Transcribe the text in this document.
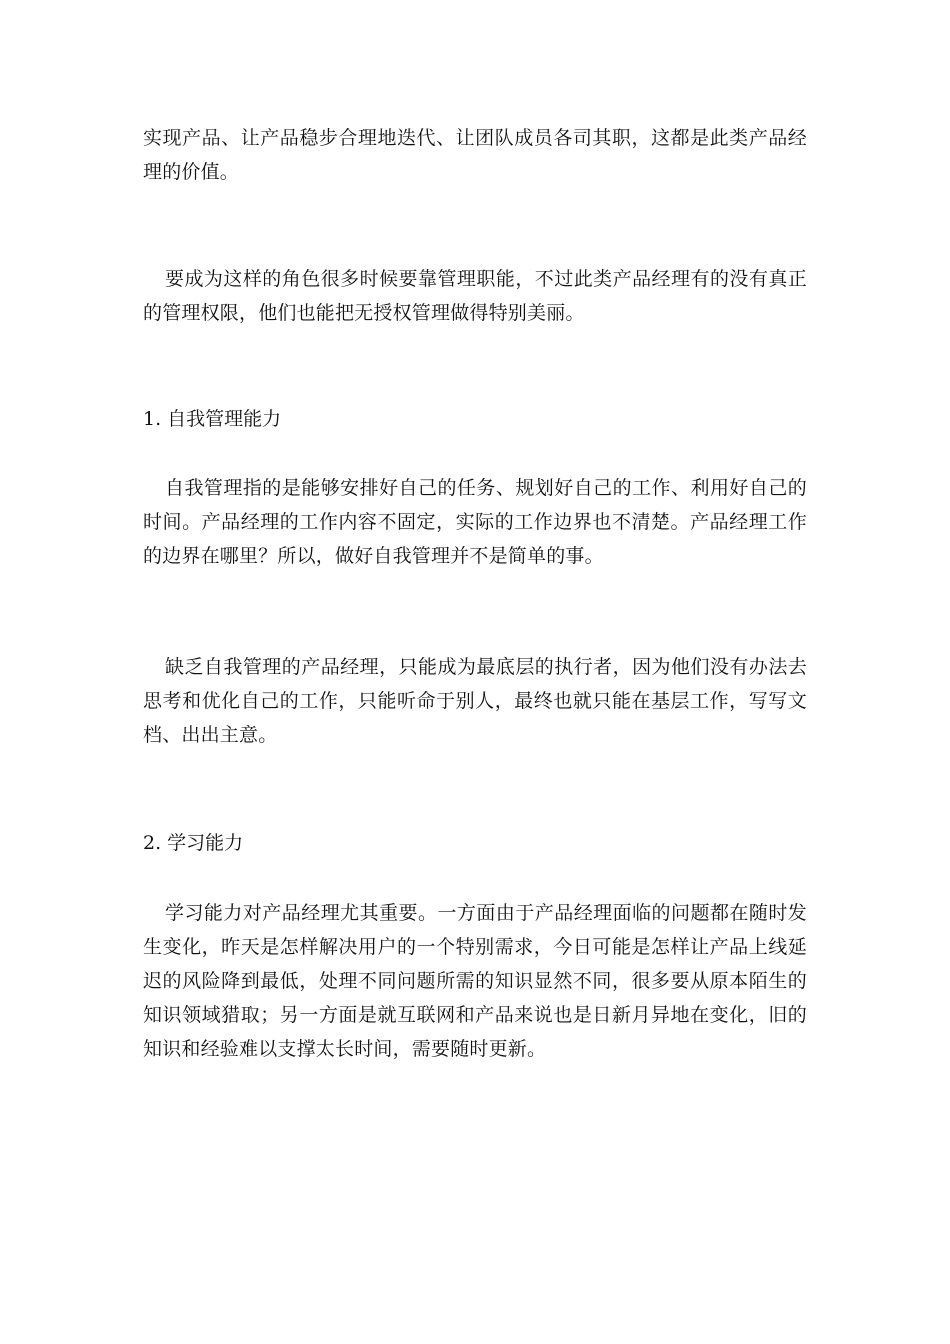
实现产品、让产品稳步合理地迭代、让团队成员各司其职，这都是此类产品经理的价值。

要成为这样的角色很多时候要靠管理职能，不过此类产品经理有的没有真正的管理权限，他们也能把无授权管理做得特别美丽。

1. 自我管理能力

自我管理指的是能够安排好自己的任务、规划好自己的工作、利用好自己的时间。产品经理的工作内容不固定，实际的工作边界也不清楚。产品经理工作的边界在哪里？所以，做好自我管理并不是简单的事。

缺乏自我管理的产品经理，只能成为最底层的执行者，因为他们没有办法去思考和优化自己的工作，只能听命于别人，最终也就只能在基层工作，写写文档、出出主意。

2. 学习能力

学习能力对产品经理尤其重要。一方面由于产品经理面临的问题都在随时发生变化，昨天是怎样解决用户的一个特别需求，今日可能是怎样让产品上线延迟的风险降到最低，处理不同问题所需的知识显然不同，很多要从原本陌生的知识领域猎取；另一方面是就互联网和产品来说也是日新月异地在变化，旧的知识和经验难以支撑太长时间，需要随时更新。
